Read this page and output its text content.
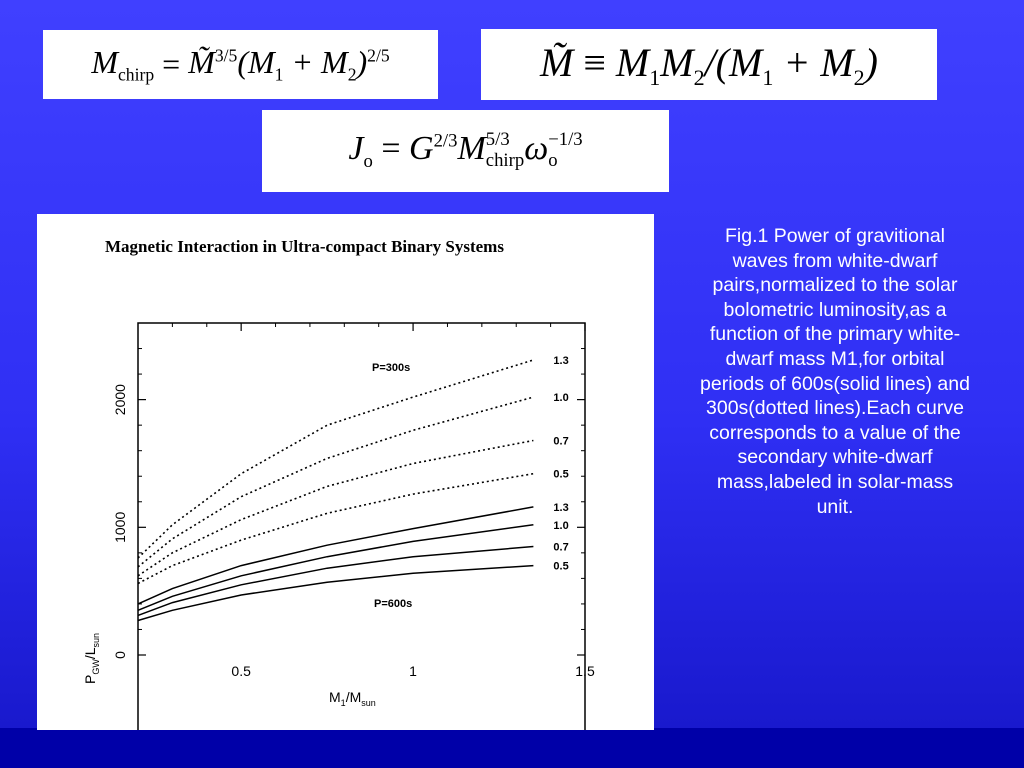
$M_{chirp}$
=
$M̃^{3/5}(M_1 + M_2)^{2/5}$	M̃ ≡ $M_1M_2/(M_1 + M_2)$
$J_o = G^{2/3}M$ 5/3
chirp ω −1/3
o
Magnetic Interaction in Ultra-compact Binary Systems
$P_{GW}/L_{sun}$
$M_1/M_{sun}$
0
1000
2000
0.5	1	1.5
1.3
1.0
0.7
0.5
1.3
1.0
0.7
0.5
P=300s
P=600s
Fig.1 Power of gravitional waves from white-dwarf pairs,normalized to the solar bolometric luminosity,as a function of the primary white-dwarf mass M1,for orbital periods of 600s(solid lines) and 300s(dotted lines).Each curve corresponds to a value of the secondary white-dwarf mass,labeled in solar-mass unit.
